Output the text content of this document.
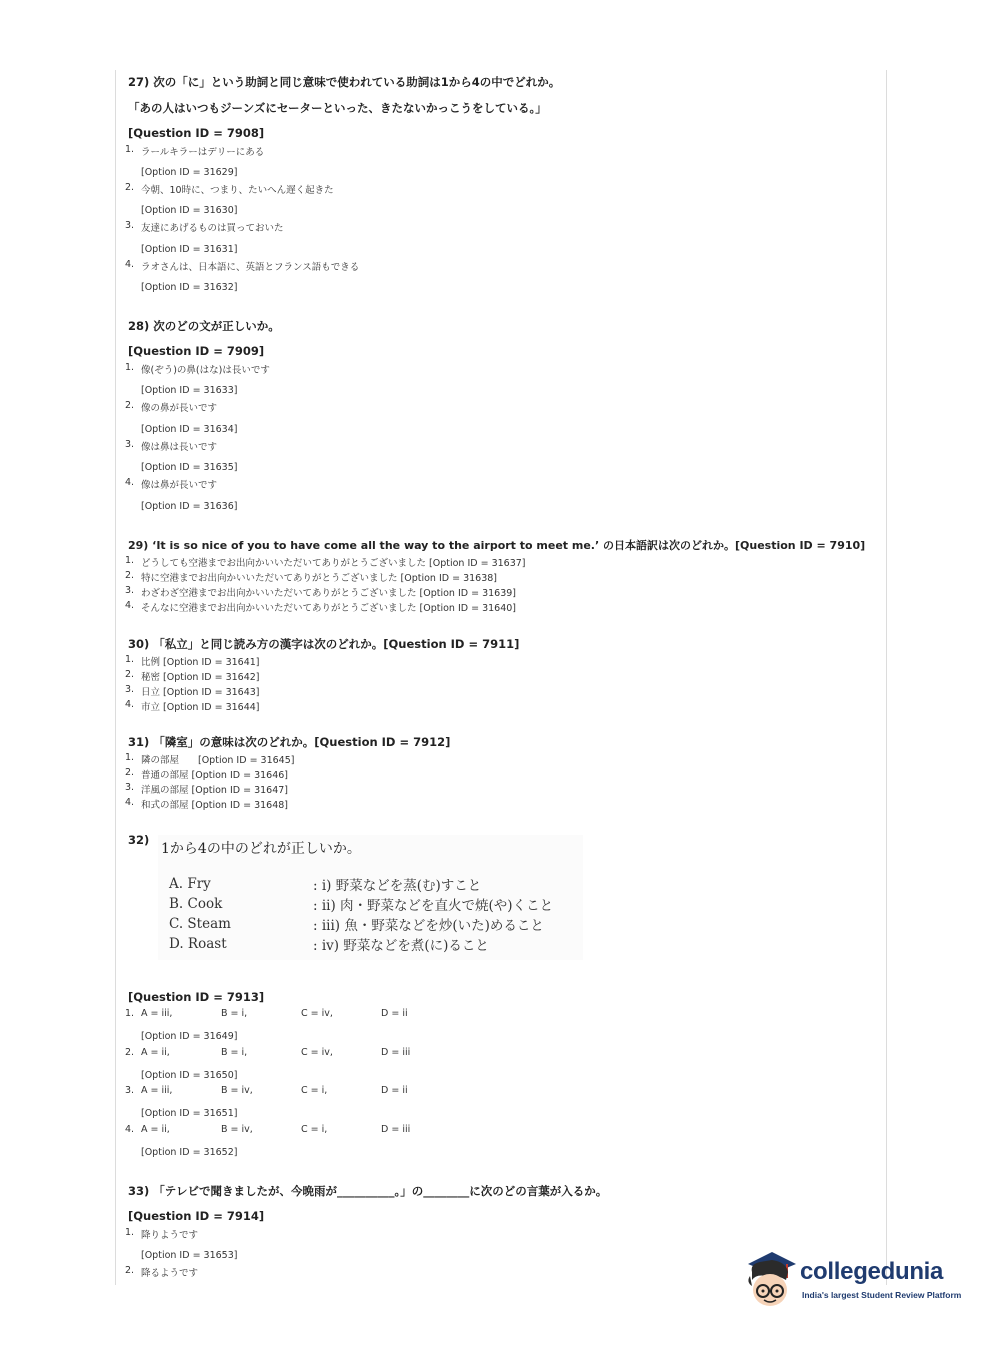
27) 次の「に」という助詞と同じ意味で使われている助詞は1から4の中でどれか。
「あの人はいつもジーンズにセーターといった、きたないかっこうをしている。」
[Question ID = 7908]
1. ラールキラーはデリーにある
[Option ID = 31629]
2. 今朝、10時に、つまり、たいへん遅く起きた
[Option ID = 31630]
3. 友達にあげるものは買っておいた
[Option ID = 31631]
4. ラオさんは、日本語に、英語とフランス語もできる
[Option ID = 31632]
28) 次のどの文が正しいか。
[Question ID = 7909]
1. 像(ぞう)の鼻(はな)は長いです
[Option ID = 31633]
2. 像の鼻が長いです
[Option ID = 31634]
3. 像は鼻は長いです
[Option ID = 31635]
4. 像は鼻が長いです
[Option ID = 31636]
29) ‘It is so nice of you to have come all the way to the airport to meet me.’ の日本語訳は次のどれか。[Question ID = 7910]
1. どうしても空港までお出向かいいただいてありがとうございました [Option ID = 31637]
2. 特に空港までお出向かいいただいてありがとうございました [Option ID = 31638]
3. わざわざ空港までお出向かいいただいてありがとうございました [Option ID = 31639]
4. そんなに空港までお出向かいいただいてありがとうございました [Option ID = 31640]
30) 「私立」と同じ読み方の漢字は次のどれか。[Question ID = 7911]
1. 比例 [Option ID = 31641]
2. 秘密 [Option ID = 31642]
3. 日立 [Option ID = 31643]
4. 市立 [Option ID = 31644]
31) 「隣室」の意味は次のどれか。[Question ID = 7912]
1. 隣の部屋　　[Option ID = 31645]
2. 普通の部屋 [Option ID = 31646]
3. 洋風の部屋 [Option ID = 31647]
4. 和式の部屋 [Option ID = 31648]
32)
1から4の中のどれが正しいか。
A. Fry	: i) 野菜などを蒸(む)すこと
B. Cook	: ii) 肉・野菜などを直火で焼(や)くこと
C. Steam	: iii) 魚・野菜などを炒(いた)めること
D. Roast	: iv) 野菜などを煮(に)ること
[Question ID = 7913]
1. A = iii,	B = i,	C = iv,	D = ii
[Option ID = 31649]
2. A = ii,	B = i,	C = iv,	D = iii
[Option ID = 31650]
3. A = iii,	B = iv,	C = i,	D = ii
[Option ID = 31651]
4. A = ii,	B = iv,	C = i,	D = iii
[Option ID = 31652]
33) 「テレビで聞きましたが、今晩雨が__________。」の________に次のどの言葉が入るか。
[Question ID = 7914]
1. 降りようです
[Option ID = 31653]
2. 降るようです	collegedunia
India's largest Student Review Platform
